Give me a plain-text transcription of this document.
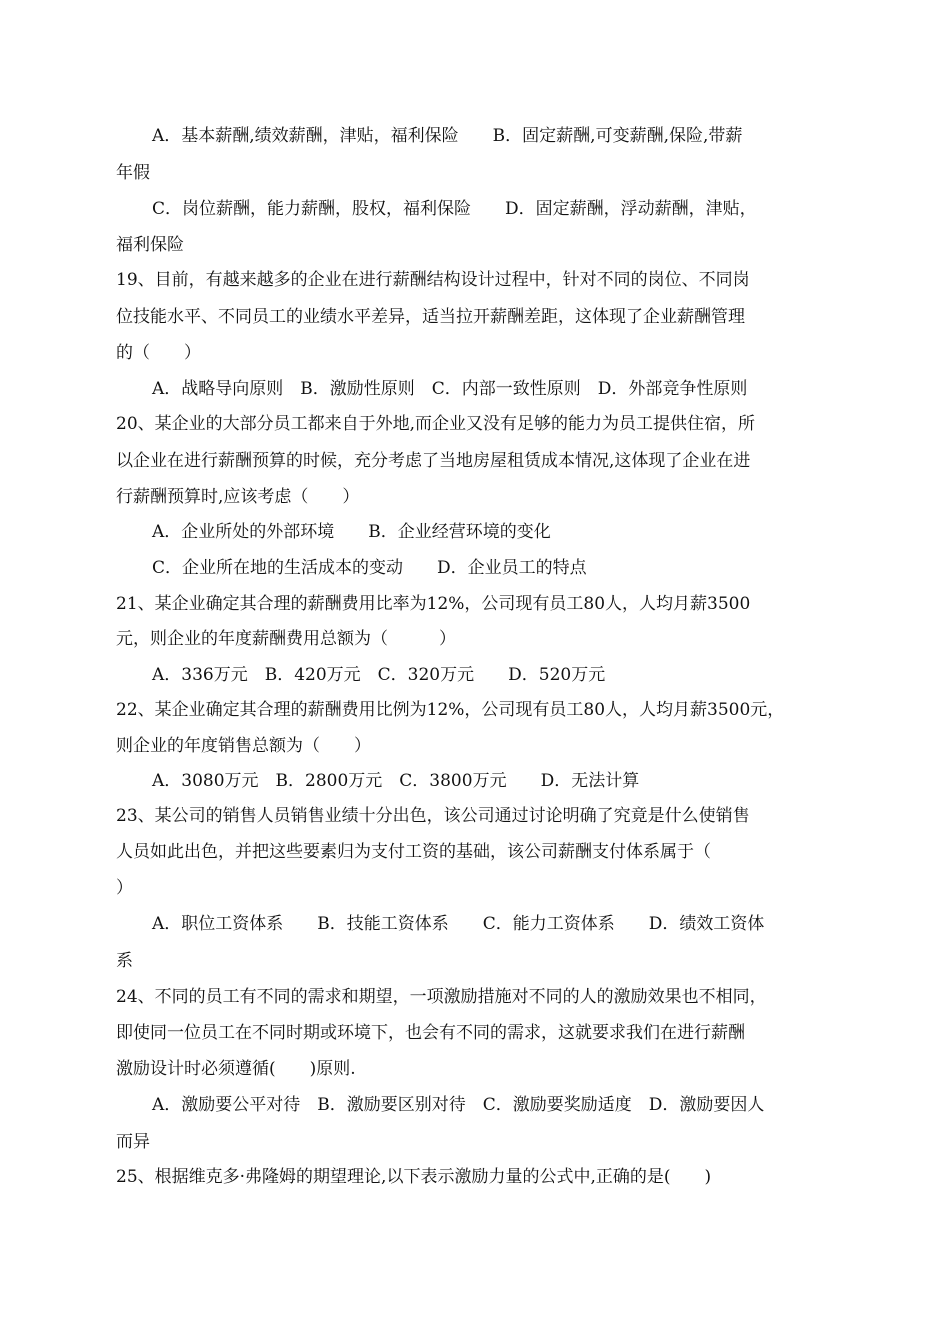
A．基本薪酬,绩效薪酬，津贴，福利保险　　B．固定薪酬,可变薪酬,保险,带薪
年假
C．岗位薪酬，能力薪酬，股权，福利保险　　D．固定薪酬，浮动薪酬，津贴，
福利保险
19、目前，有越来越多的企业在进行薪酬结构设计过程中，针对不同的岗位、不同岗
位技能水平、不同员工的业绩水平差异，适当拉开薪酬差距，这体现了企业薪酬管理
的（　　）
A．战略导向原则　B．激励性原则　C．内部一致性原则　D．外部竞争性原则
20、某企业的大部分员工都来自于外地,而企业又没有足够的能力为员工提供住宿，所
以企业在进行薪酬预算的时候，充分考虑了当地房屋租赁成本情况,这体现了企业在进
行薪酬预算时,应该考虑（　　）
A．企业所处的外部环境　　B．企业经营环境的变化
C．企业所在地的生活成本的变动　　D．企业员工的特点
21、某企业确定其合理的薪酬费用比率为12%，公司现有员工80人，人均月薪3500
元，则企业的年度薪酬费用总额为（　　　）
A．336万元　B．420万元　C．320万元　　D．520万元
22、某企业确定其合理的薪酬费用比例为12%，公司现有员工80人，人均月薪3500元，
则企业的年度销售总额为（　　）
A．3080万元　B．2800万元　C．3800万元　　D．无法计算
23、某公司的销售人员销售业绩十分出色，该公司通过讨论明确了究竟是什么使销售
人员如此出色，并把这些要素归为支付工资的基础，该公司薪酬支付体系属于（
）
A．职位工资体系　　B．技能工资体系　　C．能力工资体系　　D．绩效工资体
系
24、不同的员工有不同的需求和期望，一项激励措施对不同的人的激励效果也不相同，
即使同一位员工在不同时期或环境下，也会有不同的需求，这就要求我们在进行薪酬
激励设计时必须遵循(　　)原则.
A．激励要公平对待　B．激励要区别对待　C．激励要奖励适度　D．激励要因人
而异
25、根据维克多·弗隆姆的期望理论,以下表示激励力量的公式中,正确的是(　　)
